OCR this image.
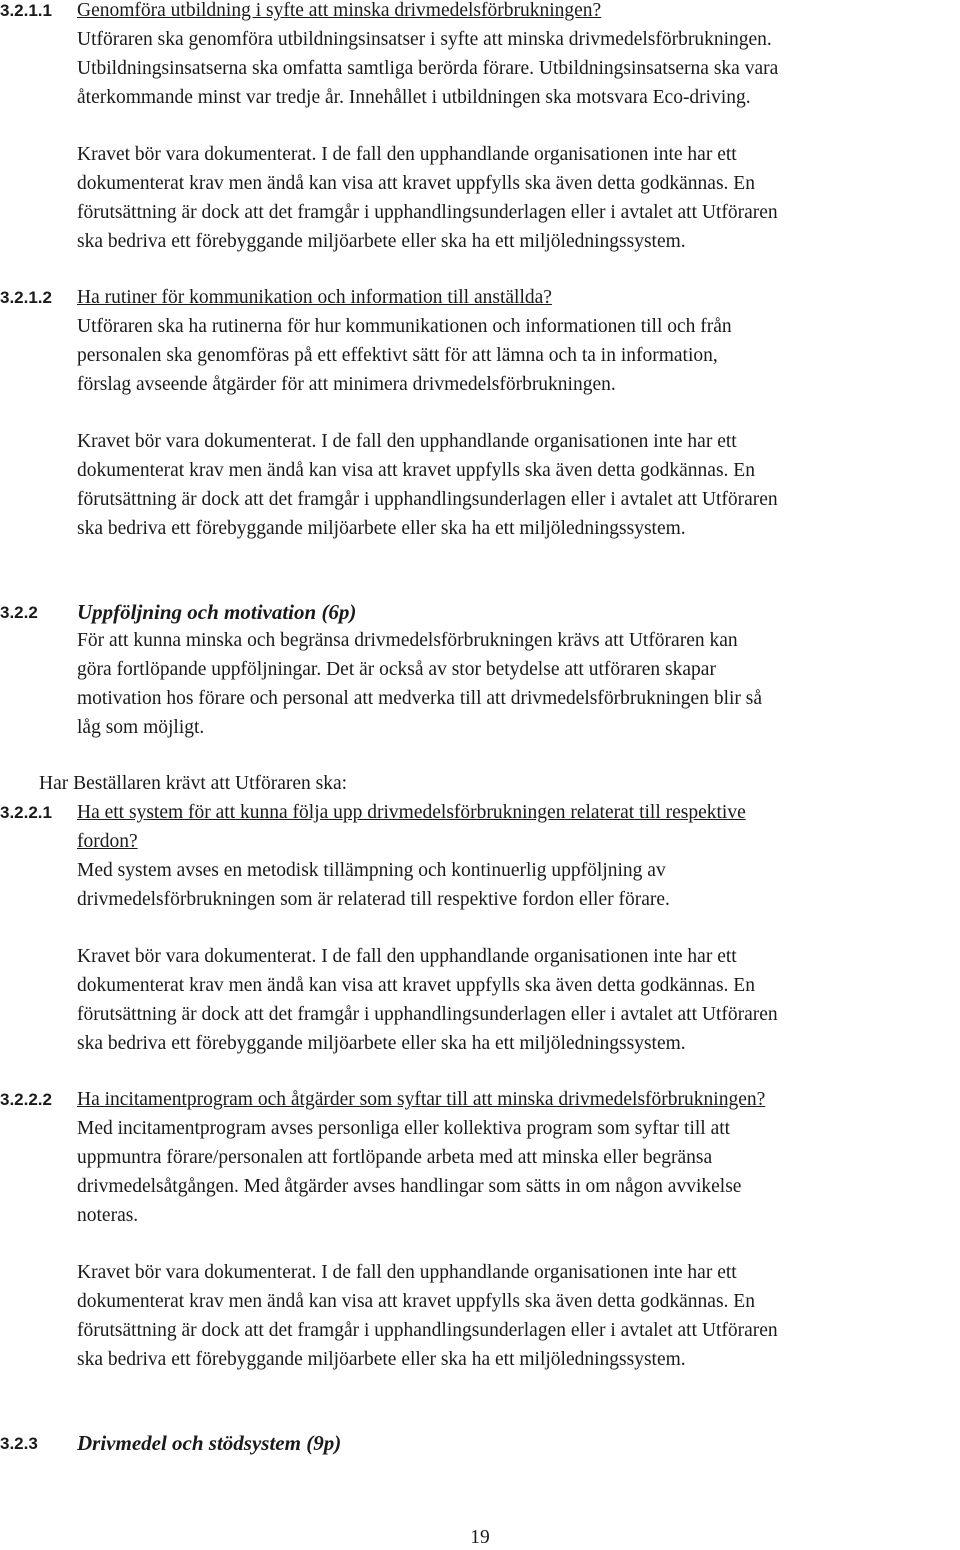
3.2.1.1 Genomföra utbildning i syfte att minska drivmedelsförbrukningen?
Utföraren ska genomföra utbildningsinsatser i syfte att minska drivmedelsförbrukningen.
Utbildningsinsatserna ska omfatta samtliga berörda förare. Utbildningsinsatserna ska vara
återkommande minst var tredje år. Innehållet i utbildningen ska motsvara Eco-driving.
Kravet bör vara dokumenterat. I de fall den upphandlande organisationen inte har ett
dokumenterat krav men ändå kan visa att kravet uppfylls ska även detta godkännas. En
förutsättning är dock att det framgår i upphandlingsunderlagen eller i avtalet att Utföraren
ska bedriva ett förebyggande miljöarbete eller ska ha ett miljöledningssystem.
3.2.1.2 Ha rutiner för kommunikation och information till anställda?
Utföraren ska ha rutinerna för hur kommunikationen och informationen till och från
personalen ska genomföras på ett effektivt sätt för att lämna och ta in information,
förslag avseende åtgärder för att minimera drivmedelsförbrukningen.
Kravet bör vara dokumenterat. I de fall den upphandlande organisationen inte har ett
dokumenterat krav men ändå kan visa att kravet uppfylls ska även detta godkännas. En
förutsättning är dock att det framgår i upphandlingsunderlagen eller i avtalet att Utföraren
ska bedriva ett förebyggande miljöarbete eller ska ha ett miljöledningssystem.
3.2.2 Uppföljning och motivation (6p)
För att kunna minska och begränsa drivmedelsförbrukningen krävs att Utföraren kan
göra fortlöpande uppföljningar. Det är också av stor betydelse att utföraren skapar
motivation hos förare och personal att medverka till att drivmedelsförbrukningen blir så
låg som möjligt.
Har Beställaren krävt att Utföraren ska:
3.2.2.1 Ha ett system för att kunna följa upp drivmedelsförbrukningen relaterat till respektive
fordon?
Med system avses en metodisk tillämpning och kontinuerlig uppföljning av
drivmedelsförbrukningen som är relaterad till respektive fordon eller förare.
Kravet bör vara dokumenterat. I de fall den upphandlande organisationen inte har ett
dokumenterat krav men ändå kan visa att kravet uppfylls ska även detta godkännas. En
förutsättning är dock att det framgår i upphandlingsunderlagen eller i avtalet att Utföraren
ska bedriva ett förebyggande miljöarbete eller ska ha ett miljöledningssystem.
3.2.2.2 Ha incitamentprogram och åtgärder som syftar till att minska drivmedelsförbrukningen?
Med incitamentprogram avses personliga eller kollektiva program som syftar till att
uppmuntra förare/personalen att fortlöpande arbeta med att minska eller begränsa
drivmedelsåtgången. Med åtgärder avses handlingar som sätts in om någon avvikelse
noteras.
Kravet bör vara dokumenterat. I de fall den upphandlande organisationen inte har ett
dokumenterat krav men ändå kan visa att kravet uppfylls ska även detta godkännas. En
förutsättning är dock att det framgår i upphandlingsunderlagen eller i avtalet att Utföraren
ska bedriva ett förebyggande miljöarbete eller ska ha ett miljöledningssystem.
3.2.3 Drivmedel och stödsystem (9p)
19
